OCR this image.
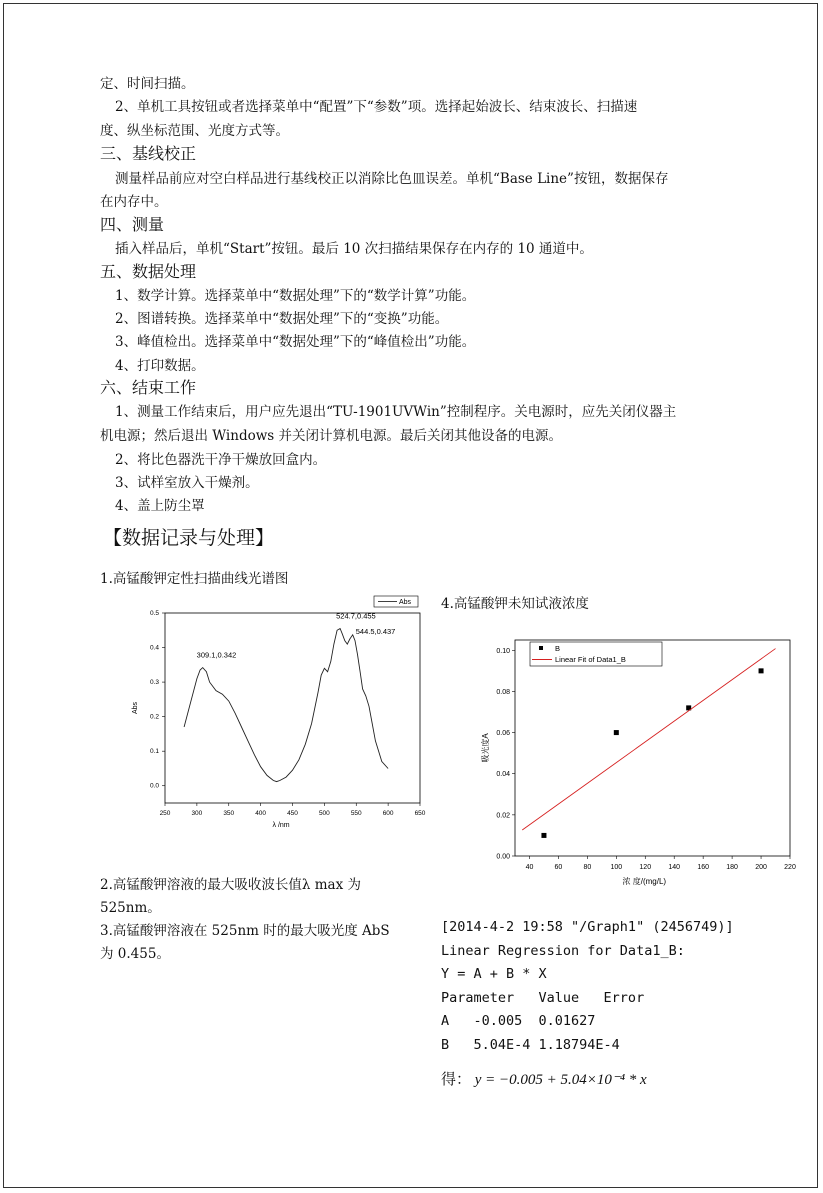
定、时间扫描。
2、单机工具按钮或者选择菜单中“配置”下“参数”项。选择起始波长、结束波长、扫描速
度、纵坐标范围、光度方式等。
三、基线校正
测量样品前应对空白样品进行基线校正以消除比色皿误差。单机“Base Line”按钮，数据保存
在内存中。
四、测量
插入样品后，单机“Start”按钮。最后 10 次扫描结果保存在内存的 10 通道中。
五、数据处理
1、数学计算。选择菜单中“数据处理”下的“数学计算”功能。
2、图谱转换。选择菜单中“数据处理”下的“变换”功能。
3、峰值检出。选择菜单中“数据处理”下的“峰值检出”功能。
4、打印数据。
六、结束工作
1、测量工作结束后，用户应先退出“TU-1901UVWin”控制程序。关电源时，应先关闭仪器主
机电源；然后退出 Windows 并关闭计算机电源。最后关闭其他设备的电源。
2、将比色器洗干净干燥放回盒内。
3、试样室放入干燥剂。
4、盖上防尘罩
【数据记录与处理】
1.高锰酸钾定性扫描曲线光谱图
4.高锰酸钾未知试液浓度
250	300	350	400	450	500	550	600	650
0.0
0.1
0.2
0.3
0.4
0.5
λ /nm
Abs
Abs
309.1,0.342
524.7,0.455
544.5,0.437
40	60	80	100 120 140 160 180 200 220
0.00
0.02
0.04
0.06
0.08
0.10
浓 度/(mg/L)
吸光度A
B
Linear Fit of Data1_B
2.高锰酸钾溶液的最大吸收波长值λ max 为
525nm。
3.高锰酸钾溶液在 525nm 时的最大吸光度 AbS
为 0.455。
[2014-4-2 19:58 "/Graph1" (2456749)]
Linear Regression for Data1_B:
Y = A + B * X
Parameter   Value   Error
A   -0.005  0.01627
B   5.04E-4 1.18794E-4
得： y = −0.005 + 5.04×10⁻⁴ * x
